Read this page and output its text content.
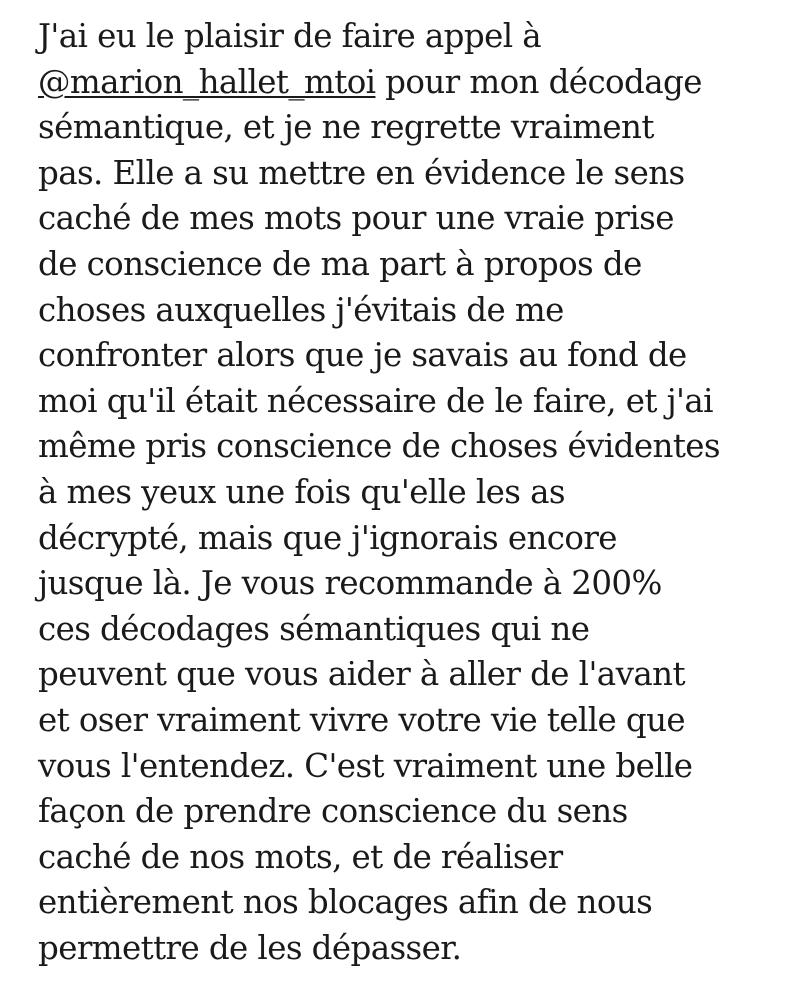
J'ai eu le plaisir de faire appel à
@marion_hallet_mtoi pour mon décodage
sémantique, et je ne regrette vraiment
pas. Elle a su mettre en évidence le sens
caché de mes mots pour une vraie prise
de conscience de ma part à propos de
choses auxquelles j'évitais de me
confronter alors que je savais au fond de
moi qu'il était nécessaire de le faire, et j'ai
même pris conscience de choses évidentes
à mes yeux une fois qu'elle les as
décrypté, mais que j'ignorais encore
jusque là. Je vous recommande à 200%
ces décodages sémantiques qui ne
peuvent que vous aider à aller de l'avant
et oser vraiment vivre votre vie telle que
vous l'entendez. C'est vraiment une belle
façon de prendre conscience du sens
caché de nos mots, et de réaliser
entièrement nos blocages afin de nous
permettre de les dépasser.
